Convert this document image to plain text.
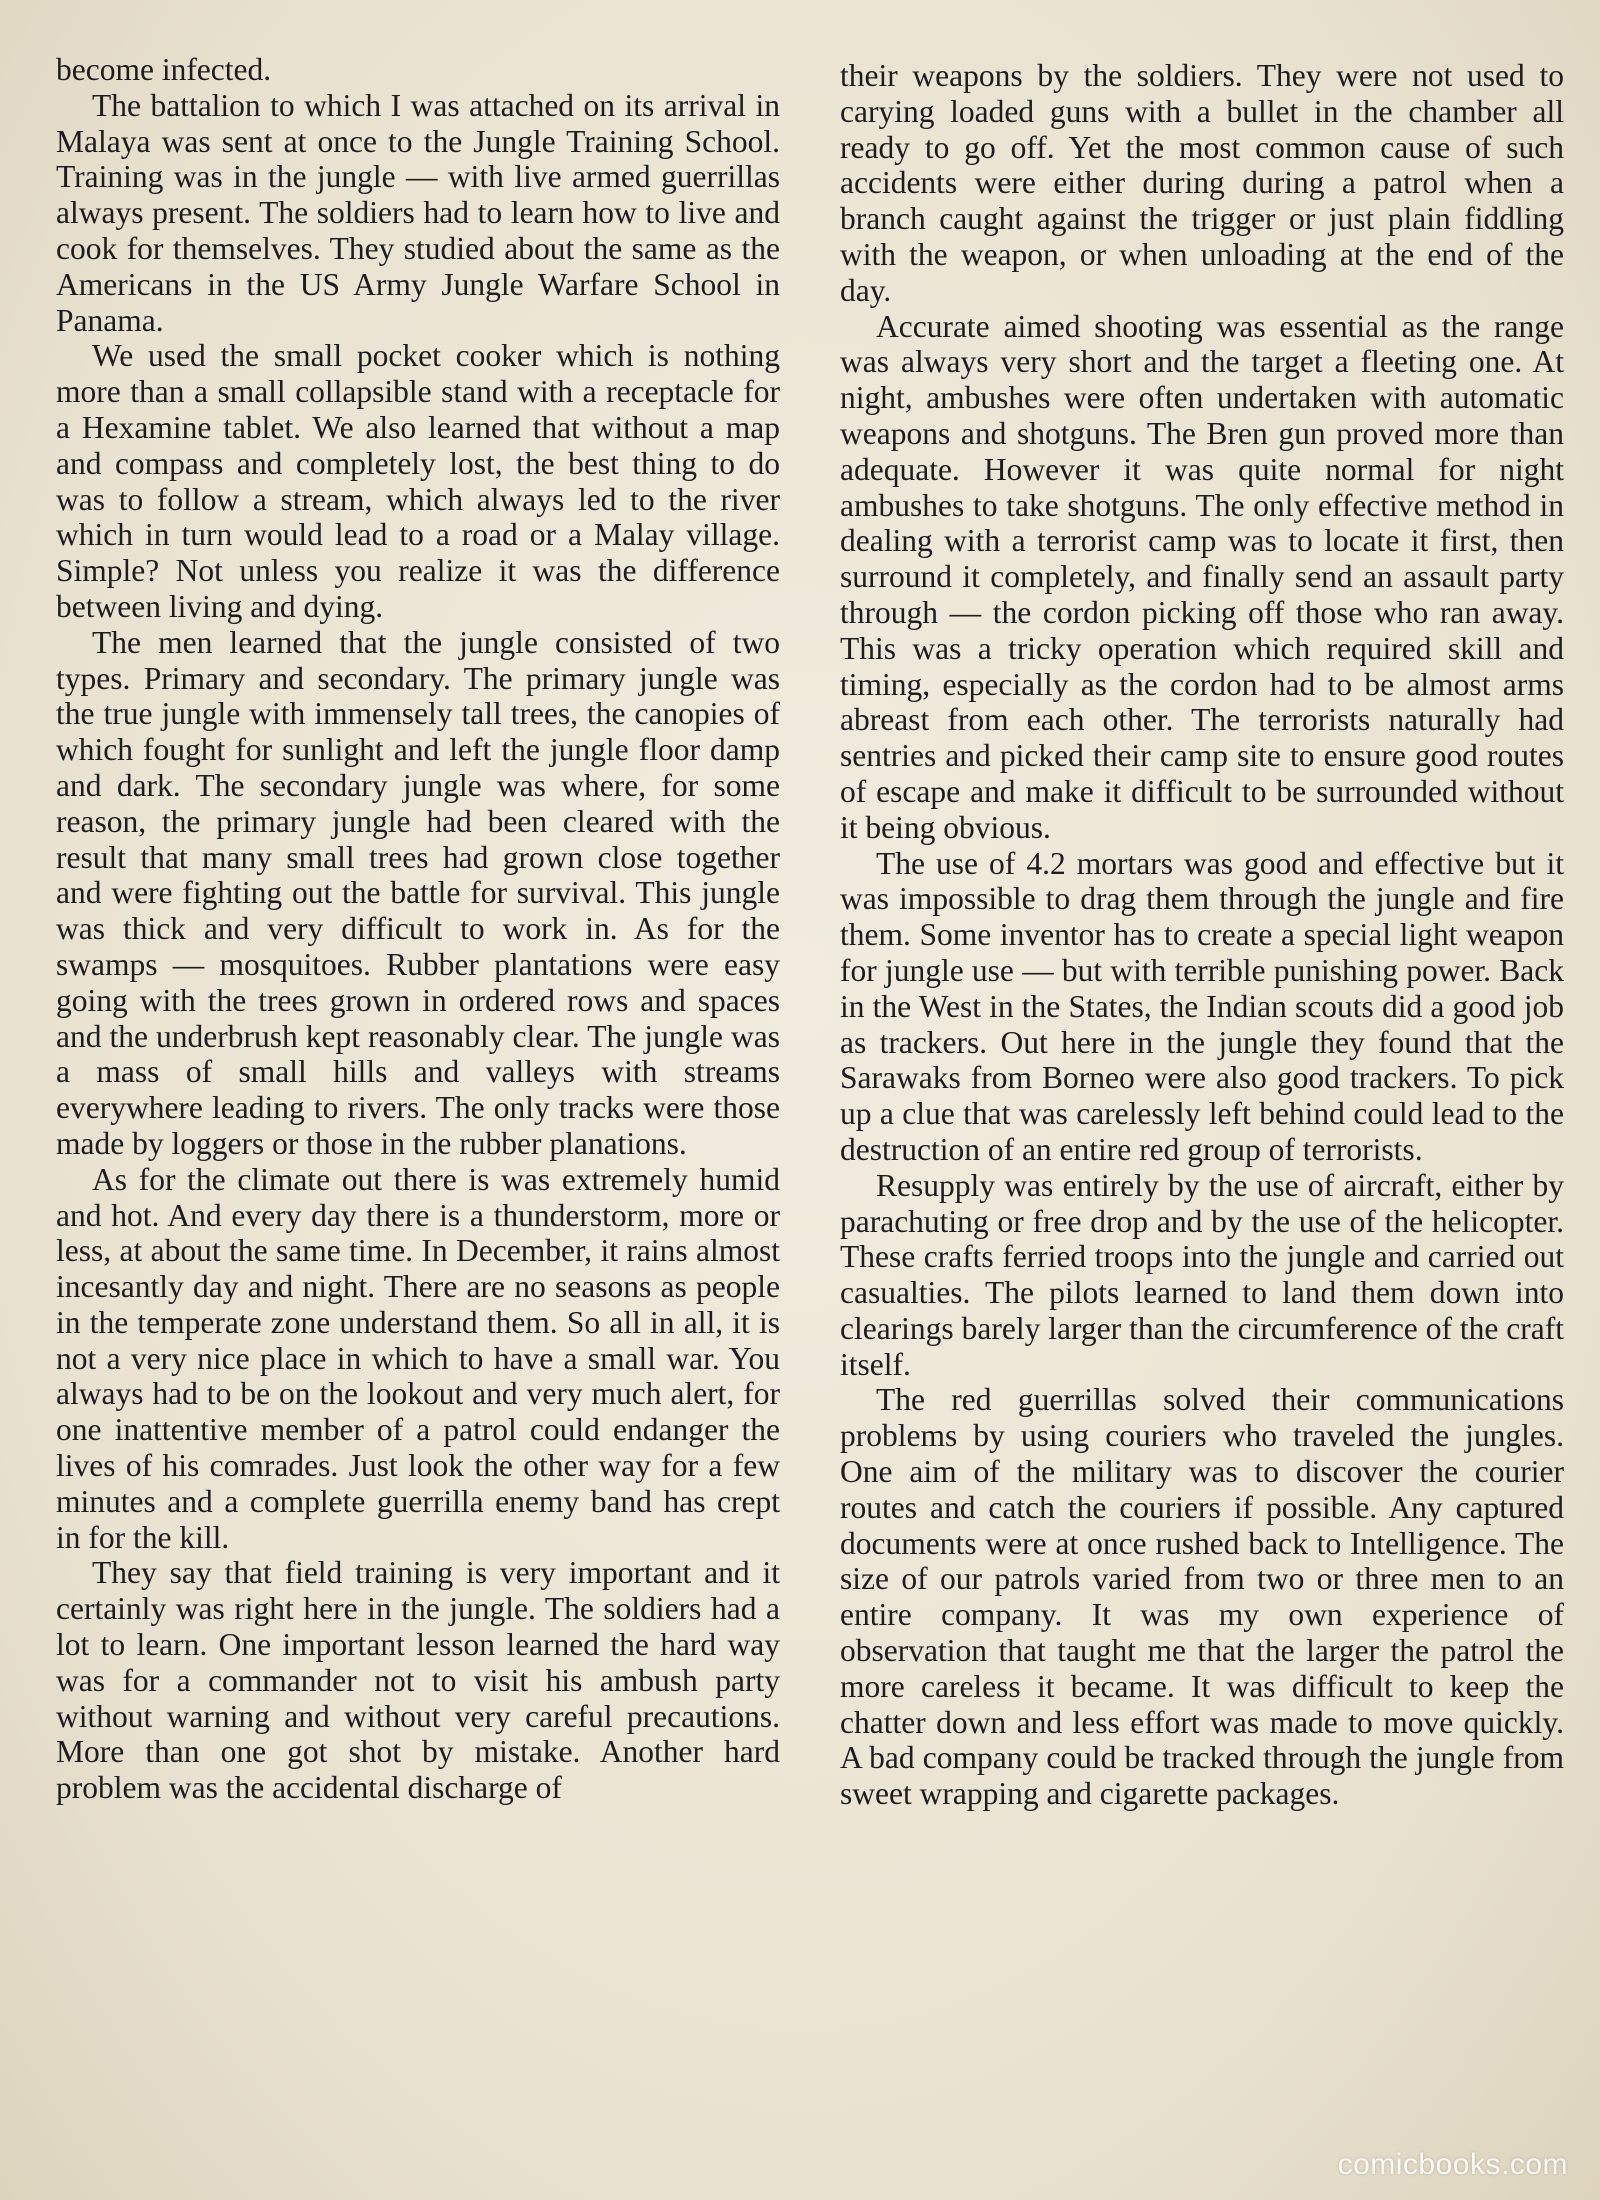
become infected.

The battalion to which I was attached on its arrival in Malaya was sent at once to the Jungle Training School. Training was in the jungle — with live armed guerrillas always present. The soldiers had to learn how to live and cook for themselves. They studied about the same as the Americans in the US Army Jungle Warfare School in Panama.

We used the small pocket cooker which is nothing more than a small collapsible stand with a receptacle for a Hexamine tablet. We also learned that without a map and compass and completely lost, the best thing to do was to follow a stream, which always led to the river which in turn would lead to a road or a Malay village. Simple? Not unless you realize it was the difference between living and dying.

The men learned that the jungle consisted of two types. Primary and secondary. The primary jungle was the true jungle with immensely tall trees, the canopies of which fought for sunlight and left the jungle floor damp and dark. The secondary jungle was where, for some reason, the primary jungle had been cleared with the result that many small trees had grown close together and were fighting out the battle for survival. This jungle was thick and very difficult to work in. As for the swamps — mosquitoes. Rubber plantations were easy going with the trees grown in ordered rows and spaces and the underbrush kept reasonably clear. The jungle was a mass of small hills and valleys with streams everywhere leading to rivers. The only tracks were those made by loggers or those in the rubber planations.

As for the climate out there is was extremely humid and hot. And every day there is a thunderstorm, more or less, at about the same time. In December, it rains almost incesantly day and night. There are no seasons as people in the temperate zone understand them. So all in all, it is not a very nice place in which to have a small war. You always had to be on the lookout and very much alert, for one inattentive member of a patrol could endanger the lives of his comrades. Just look the other way for a few minutes and a complete guerrilla enemy band has crept in for the kill.

They say that field training is very important and it certainly was right here in the jungle. The soldiers had a lot to learn. One important lesson learned the hard way was for a commander not to visit his ambush party without warning and without very careful precautions. More than one got shot by mistake. Another hard problem was the accidental discharge of

their weapons by the soldiers. They were not used to carying loaded guns with a bullet in the chamber all ready to go off. Yet the most common cause of such accidents were either during during a patrol when a branch caught against the trigger or just plain fiddling with the weapon, or when unloading at the end of the day.

Accurate aimed shooting was essential as the range was always very short and the target a fleeting one. At night, ambushes were often undertaken with automatic weapons and shotguns. The Bren gun proved more than adequate. However it was quite normal for night ambushes to take shotguns. The only effective method in dealing with a terrorist camp was to locate it first, then surround it completely, and finally send an assault party through — the cordon picking off those who ran away. This was a tricky operation which required skill and timing, especially as the cordon had to be almost arms abreast from each other. The terrorists naturally had sentries and picked their camp site to ensure good routes of escape and make it difficult to be surrounded without it being obvious.

The use of 4.2 mortars was good and effective but it was impossible to drag them through the jungle and fire them. Some inventor has to create a special light weapon for jungle use — but with terrible punishing power. Back in the West in the States, the Indian scouts did a good job as trackers. Out here in the jungle they found that the Sarawaks from Borneo were also good trackers. To pick up a clue that was carelessly left behind could lead to the destruction of an entire red group of terrorists.

Resupply was entirely by the use of aircraft, either by parachuting or free drop and by the use of the helicopter. These crafts ferried troops into the jungle and carried out casualties. The pilots learned to land them down into clearings barely larger than the circumference of the craft itself.

The red guerrillas solved their communications problems by using couriers who traveled the jungles. One aim of the military was to discover the courier routes and catch the couriers if possible. Any captured documents were at once rushed back to Intelligence. The size of our patrols varied from two or three men to an entire company. It was my own experience of observation that taught me that the larger the patrol the more careless it became. It was difficult to keep the chatter down and less effort was made to move quickly. A bad company could be tracked through the jungle from sweet wrapping and cigarette packages.

comicbooks.com
